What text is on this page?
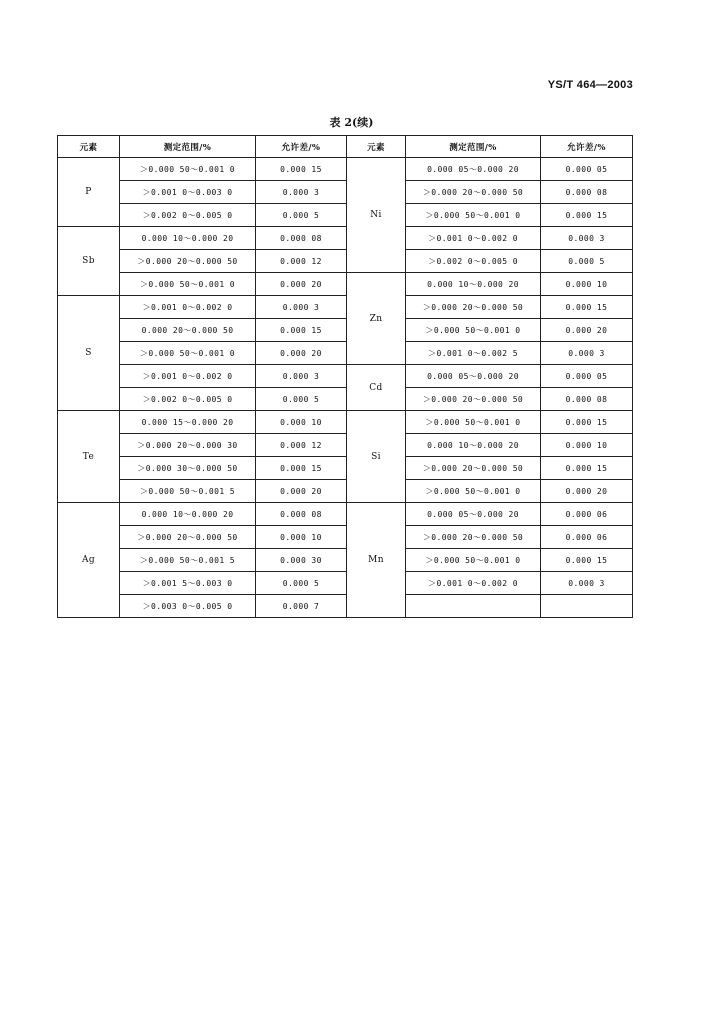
YS/T 464—2003
表 2(续)
元素	测定范围/%	允许差/%	元素	测定范围/%	允许差/%
P	＞0.000 50～0.001 0	0.000 15	Ni	0.000 05～0.000 20	0.000 05
	＞0.001 0～0.003 0	0.000 3		＞0.000 20～0.000 50	0.000 08
	＞0.002 0～0.005 0	0.000 5		＞0.000 50～0.001 0	0.000 15
Sb	0.000 10～0.000 20	0.000 08		＞0.001 0～0.002 0	0.000 3
	＞0.000 20～0.000 50	0.000 12		＞0.002 0～0.005 0	0.000 5
	＞0.000 50～0.001 0	0.000 20	Zn	0.000 10～0.000 20	0.000 10
S	＞0.001 0～0.002 0	0.000 3		＞0.000 20～0.000 50	0.000 15
	0.000 20～0.000 50	0.000 15		＞0.000 50～0.001 0	0.000 20
	＞0.000 50～0.001 0	0.000 20		＞0.001 0～0.002 5	0.000 3
	＞0.001 0～0.002 0	0.000 3	Cd	0.000 05～0.000 20	0.000 05
	＞0.002 0～0.005 0	0.000 5		＞0.000 20～0.000 50	0.000 08
Te	0.000 15～0.000 20	0.000 10	Si	＞0.000 50～0.001 0	0.000 15
	＞0.000 20～0.000 30	0.000 12		0.000 10～0.000 20	0.000 10
	＞0.000 30～0.000 50	0.000 15		＞0.000 20～0.000 50	0.000 15
	＞0.000 50～0.001 5	0.000 20		＞0.000 50～0.001 0	0.000 20
Ag	0.000 10～0.000 20	0.000 08	Mn	0.000 05～0.000 20	0.000 06
	＞0.000 20～0.000 50	0.000 10		＞0.000 20～0.000 50	0.000 06
	＞0.000 50～0.001 5	0.000 30		＞0.000 50～0.001 0	0.000 15
	＞0.001 5～0.003 0	0.000 5		＞0.001 0～0.002 0	0.000 3
	＞0.003 0～0.005 0	0.000 7			
